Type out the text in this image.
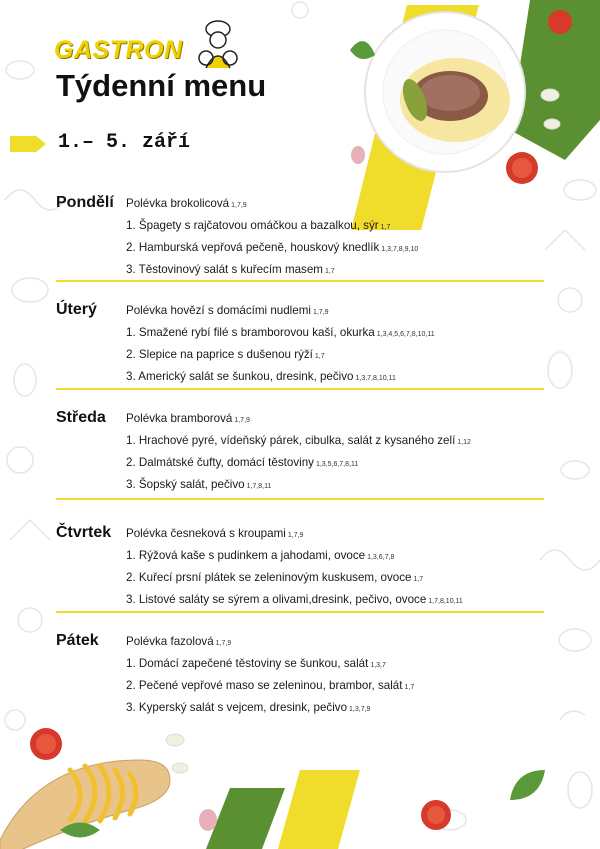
GASTRON
Týdenní menu
1.– 5. září
Pondělí Polévka brokolicová 1,7,9
1. Špagety s rajčatovou omáčkou a bazalkou, sýr 1,7
2. Hamburská vepřová pečeně, houskový knedlík 1,3,7,8,9,10
3. Těstovinový salát s kuřecím masem 1,7
Úterý	Polévka hovězí s domácími nudlemi 1,7,9
1. Smažené rybí filé s bramborovou kaší, okurka 1,3,4,5,6,7,8,10,11
2. Slepice na paprice s dušenou rýží 1,7
3. Americký salát se šunkou, dresink, pečivo 1,3,7,8,10,11
Středa Polévka bramborová 1,7,9
1. Hrachové pyré, vídeňský párek, cibulka, salát z kysaného zelí 1,12
2. Dalmátské čufty, domácí těstoviny 1,3,5,6,7,8,11
3. Šopský salát, pečivo 1,7,8,11
Čtvrtek Polévka česneková s kroupami 1,7,9
1. Rýžová kaše s pudinkem a jahodami, ovoce 1,3,6,7,8
2. Kuřecí prsní plátek se zeleninovým kuskusem, ovoce 1,7
3. Listové saláty se sýrem a olivami,dresink, pečivo, ovoce 1,7,8,10,11
Pátek Polévka fazolová 1,7,9
1. Domácí zapečené těstoviny se šunkou, salát 1,3,7
2. Pečené vepřové maso se zeleninou, brambor, salát 1,7
3. Kyperský salát s vejcem, dresink, pečivo 1,3,7,9
